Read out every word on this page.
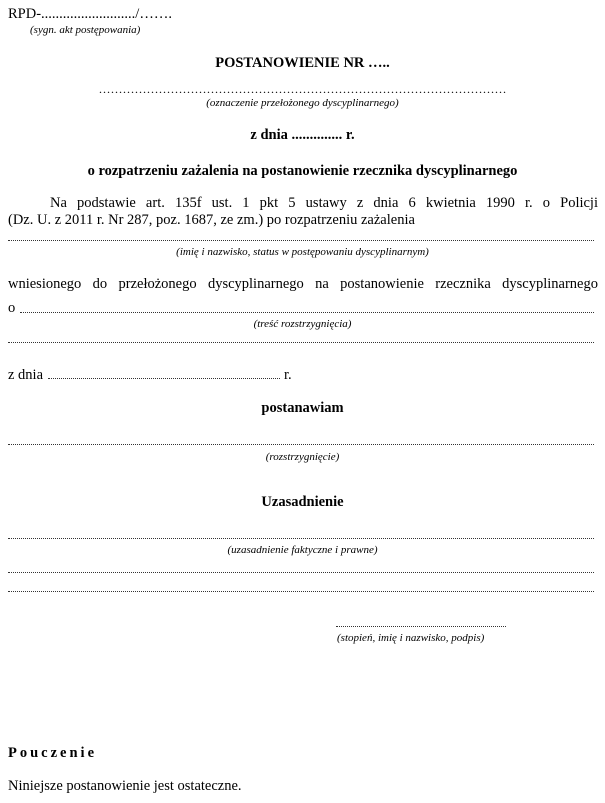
RPD-........................../…….
(sygn. akt postępowania)
POSTANOWIENIE NR …..
…………………………………………………………………………………………
(oznaczenie przełożonego dyscyplinarnego)
z dnia .............. r.
o rozpatrzeniu zażalenia na postanowienie rzecznika dyscyplinarnego
Na podstawie art. 135f ust. 1 pkt 5 ustawy z dnia 6 kwietnia 1990 r. o Policji
(Dz. U. z 2011 r. Nr 287, poz. 1687, ze zm.) po rozpatrzeniu zażalenia
(imię i nazwisko, status w postępowaniu dyscyplinarnym)
wniesionego do przełożonego dyscyplinarnego na postanowienie rzecznika dyscyplinarnego
o
(treść rozstrzygnięcia)
z dnia	r.
postanawiam
(rozstrzygnięcie)
Uzasadnienie
(uzasadnienie faktyczne i prawne)
(stopień, imię i nazwisko, podpis)
Pouczenie
Niniejsze postanowienie jest ostateczne.
